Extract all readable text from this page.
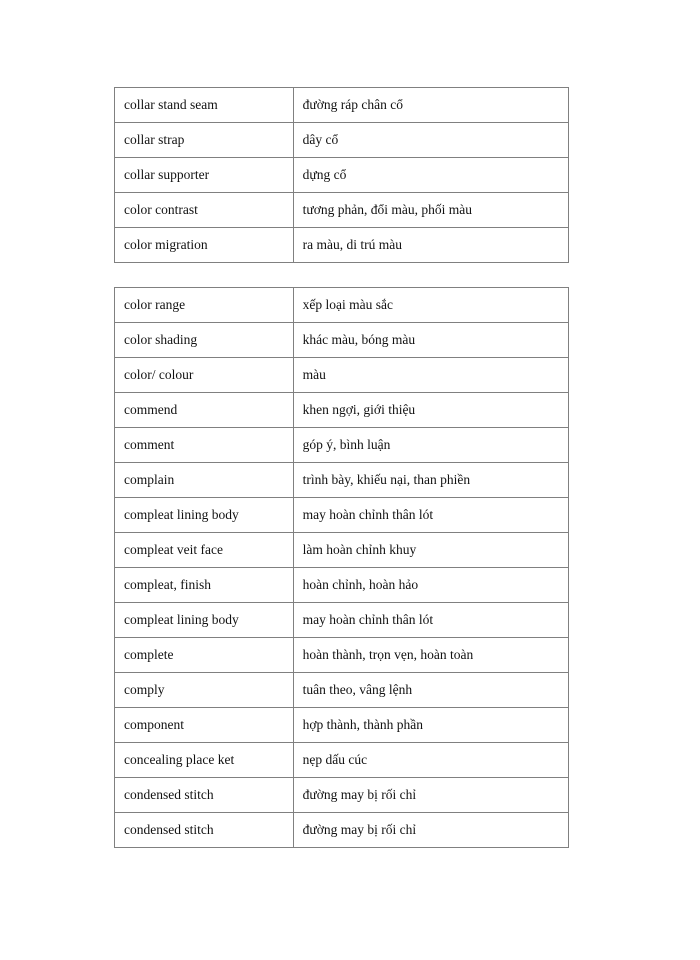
collar stand seam	đường ráp chân cổ
collar strap	dây cổ
collar supporter	dựng cổ
color contrast	tương phản, đổi màu, phối màu
color migration	ra màu, di trú màu
color range	xếp loại màu sắc
color shading	khác màu, bóng màu
color/ colour	màu
commend	khen ngợi, giới thiệu
comment	góp ý, bình luận
complain	trình bày, khiếu nại, than phiền
compleat lining body	may hoàn chỉnh thân lót
compleat veit face	làm hoàn chỉnh khuy
compleat, finish	hoàn chỉnh, hoàn hảo
compleat lining body	may hoàn chỉnh thân lót
complete	hoàn thành, trọn vẹn, hoàn toàn
comply	tuân theo, vâng lệnh
component	hợp thành, thành phần
concealing place ket	nẹp dấu cúc
condensed stitch	đường may bị rối chỉ
condensed stitch	đường may bị rối chỉ
